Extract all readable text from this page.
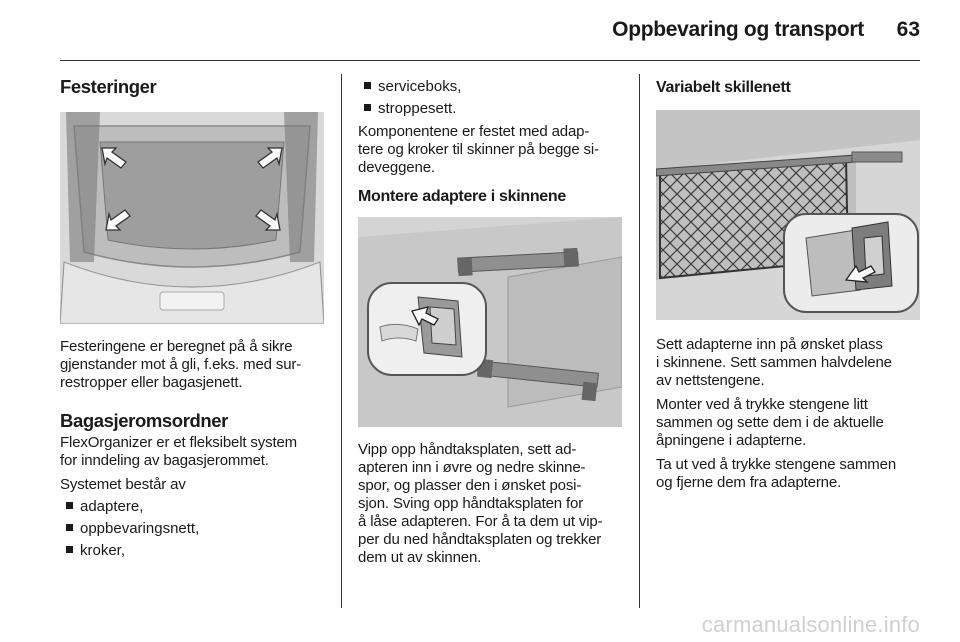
Oppbevaring og transport 63
Festeringer

Festeringene er beregnet på å sikre

gjenstander mot å gli, f.eks. med sur-

restropper eller bagasjenett.

Bagasjeromsordner

FlexOrganizer er et fleksibelt system

for inndeling av bagasjerommet.

Systemet består av

adaptere,
oppbevaringsnett,
kroker,
serviceboks,
stroppesett.

Komponentene er festet med adap-

tere og kroker til skinner på begge si-

deveggene.

Montere adaptere i skinnene

Vipp opp håndtaksplaten, sett ad-

apteren inn i øvre og nedre skinne-

spor, og plasser den i ønsket posi-

sjon. Sving opp håndtaksplaten for

å låse adapteren. For å ta dem ut vip-

per du ned håndtaksplaten og trekker

dem ut av skinnen.

Variabelt skillenett

Sett adapterne inn på ønsket plass

i skinnene. Sett sammen halvdelene

av nettstengene.

Monter ved å trykke stengene litt

sammen og sette dem i de aktuelle

åpningene i adapterne.

Ta ut ved å trykke stengene sammen

og fjerne dem fra adapterne.

carmanualsonline.info
